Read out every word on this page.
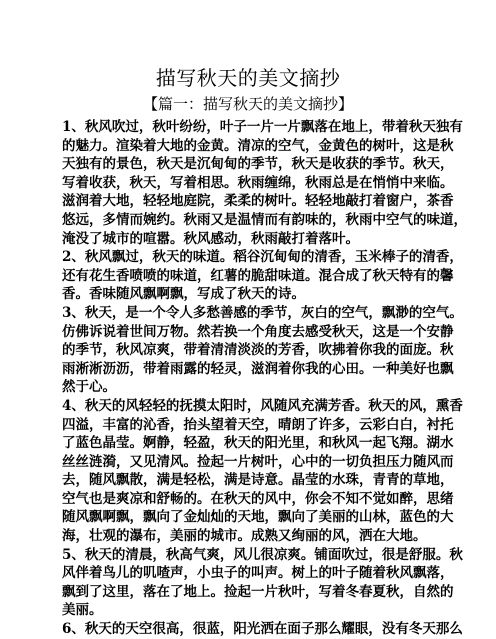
描写秋天的美文摘抄
【篇一：描写秋天的美文摘抄】
1、秋风吹过，秋叶纷纷，叶子一片一片飘落在地上，带着秋天独有
的魅力。渲染着大地的金黄。清凉的空气，金黄色的树叶，这是秋
天独有的景色，秋天是沉甸甸的季节，秋天是收获的季节。秋天，
写着收获，秋天，写着相思。秋雨缠绵，秋雨总是在悄悄中来临。
滋润着大地，轻轻地庭院，柔柔的树叶。轻轻地敲打着窗户，茶香
悠远，多情而婉约。秋雨又是温情而有韵味的，秋雨中空气的味道，
淹没了城市的喧嚣。秋风感动，秋雨敲打着落叶。
2、秋风飘过，秋天的味道。稻谷沉甸甸的清香，玉米棒子的清香，
还有花生香喷喷的味道，红薯的脆甜味道。混合成了秋天特有的馨
香。香味随风飘啊飘，写成了秋天的诗。
3、秋天，是一个令人多愁善感的季节，灰白的空气，飘渺的空气。
仿佛诉说着世间万物。然若换一个角度去感受秋天，这是一个安静
的季节，秋风凉爽，带着清清淡淡的芳香，吹拂着你我的面庞。秋
雨淅淅沥沥，带着雨露的轻灵，滋润着你我的心田。一种美好也飘
然于心。
4、秋天的风轻轻的抚摸太阳时，风随风充满芳香。秋天的风，熏香
四溢，丰富的沁香，抬头望着天空，晴朗了许多，云彩白白，衬托
了蓝色晶莹。婀静，轻盈，秋天的阳光里，和秋风一起飞翔。湖水
丝丝涟漪，又见清风。捡起一片树叶，心中的一切负担压力随风而
去，随风飘散，满是轻松，满是诗意。晶莹的水珠，青青的草地，
空气也是爽凉和舒畅的。在秋天的风中，你会不知不觉如醉，思绪
随风飘啊飘，飘向了金灿灿的天地，飘向了美丽的山林，蓝色的大
海，壮观的瀑布，美丽的城市。成熟又绚丽的风，洒在大地。
5、秋天的清晨，秋高气爽，风儿很凉爽。铺面吹过，很是舒服。秋
风伴着鸟儿的叽喳声，小虫子的叫声。树上的叶子随着秋风飘落，
飘到了这里，落在了地上。捡起一片秋叶，写着冬春夏秋，自然的
美丽。
6、秋天的天空很高，很蓝，阳光洒在面子那么耀眼，没有冬天那么
